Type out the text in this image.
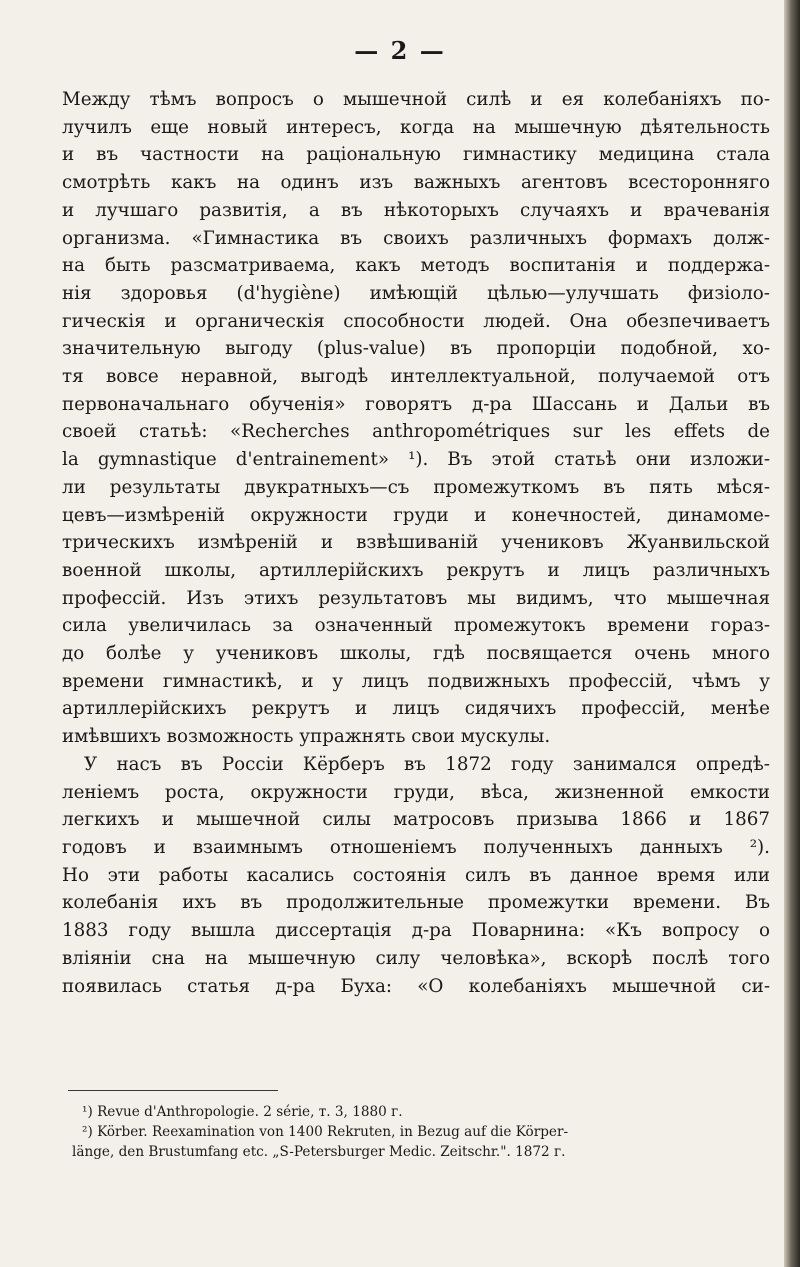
— 2 —
Между тѣмъ вопросъ о мышечной силѣ и ея колебаніяхъ по-
лучилъ еще новый интересъ, когда на мышечную дѣятельность
и въ частности на раціональную гимнастику медицина стала
смотрѣть какъ на одинъ изъ важныхъ агентовъ всесторонняго
и лучшаго развитія, а въ нѣкоторыхъ случаяхъ и врачеванія
организма. «Гимнастика въ своихъ различныхъ формахъ долж-
на быть разсматриваема, какъ методъ воспитанія и поддержа-
нія здоровья (d'hygiène) имѣющій цѣлью—улучшать физіоло-
гическія и органическія способности людей. Она обезпечиваетъ
значительную выгоду (plus-value) въ пропорціи подобной, хо-
тя вовсе неравной, выгодѣ интеллектуальной, получаемой отъ
первоначальнаго обученія» говорятъ д-ра Шассань и Дальи въ
своей статьѣ: «Recherches anthropométriques sur les effets de
la gymnastique d'entrainement» ¹). Въ этой статьѣ они изложи-
ли результаты двукратныхъ—съ промежуткомъ въ пять мѣся-
цевъ—измѣреній окружности груди и конечностей, динамоме-
трическихъ измѣреній и взвѣшиваній учениковъ Жуанвильской
военной школы, артиллерійскихъ рекрутъ и лицъ различныхъ
профессій. Изъ этихъ результатовъ мы видимъ, что мышечная
сила увеличилась за означенный промежутокъ времени гораз-
до болѣе у учениковъ школы, гдѣ посвящается очень много
времени гимнастикѣ, и у лицъ подвижныхъ профессій, чѣмъ у
артиллерійскихъ рекрутъ и лицъ сидячихъ профессій, менѣе
имѣвшихъ возможность упражнять свои мускулы.
У насъ въ Россіи Кёрберъ въ 1872 году занимался опредѣ-
леніемъ роста, окружности груди, вѣса, жизненной емкости
легкихъ и мышечной силы матросовъ призыва 1866 и 1867
годовъ и взаимнымъ отношеніемъ полученныхъ данныхъ ²).
Но эти работы касались состоянія силъ въ данное время или
колебанія ихъ въ продолжительные промежутки времени. Въ
1883 году вышла диссертація д-ра Поварнина: «Къ вопросу о
вліяніи сна на мышечную силу человѣка», вскорѣ послѣ того
появилась статья д-ра Буха: «О колебаніяхъ мышечной си-
¹) Revue d'Anthropologie. 2 série, т. 3, 1880 г.
²) Körber. Reexamination von 1400 Rekruten, in Bezug auf die Körper-
länge, den Brustumfang etc. „S-Petersburger Medic. Zeitschr.". 1872 г.
